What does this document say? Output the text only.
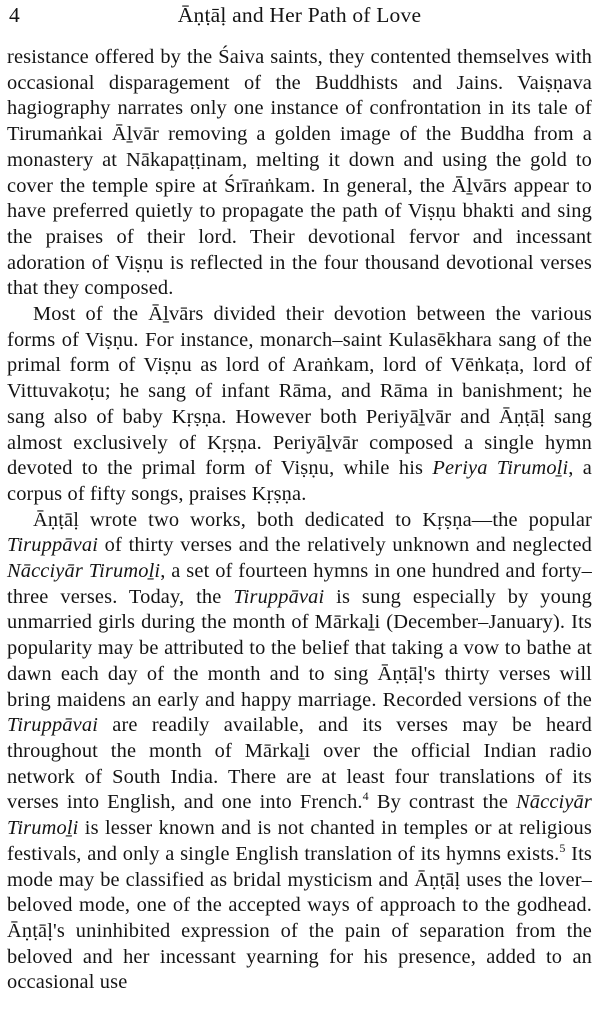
4	Āṇṭāḷ and Her Path of Love

resistance offered by the Śaiva saints, they contented themselves with occasional disparagement of the Buddhists and Jains. Vaiṣṇava hagiography narrates only one instance of confrontation in its tale of Tirumaṅkai Āḻvār removing a golden image of the Buddha from a monastery at Nākapaṭṭinam, melting it down and using the gold to cover the temple spire at Śrīraṅkam. In general, the Āḻvārs appear to have preferred quietly to propagate the path of Viṣṇu bhakti and sing the praises of their lord. Their devotional fervor and incessant adoration of Viṣṇu is reflected in the four thousand devotional verses that they composed.

Most of the Āḻvārs divided their devotion between the various forms of Viṣṇu. For instance, monarch–saint Kulasēkhara sang of the primal form of Viṣṇu as lord of Araṅkam, lord of Vēṅkaṭa, lord of Vittuvakoṭu; he sang of infant Rāma, and Rāma in banishment; he sang also of baby Kṛṣṇa. However both Periyāḻvār and Āṇṭāḷ sang almost exclusively of Kṛṣṇa. Periyāḻvār composed a single hymn devoted to the primal form of Viṣṇu, while his Periya Tirumoḻi, a corpus of fifty songs, praises Kṛṣṇa.

Āṇṭāḷ wrote two works, both dedicated to Kṛṣṇa—the popular Tiruppāvai of thirty verses and the relatively unknown and neglected Nācciyār Tirumoḻi, a set of fourteen hymns in one hundred and forty–three verses. Today, the Tiruppāvai is sung especially by young unmarried girls during the month of Mārkaḻi (December–January). Its popularity may be attributed to the belief that taking a vow to bathe at dawn each day of the month and to sing Āṇṭāḷ's thirty verses will bring maidens an early and happy marriage. Recorded versions of the Tiruppāvai are readily available, and its verses may be heard throughout the month of Mārkaḻi over the official Indian radio network of South India. There are at least four translations of its verses into English, and one into French.$^4$ By contrast the Nācciyār Tirumoḻi is lesser known and is not chanted in temples or at religious festivals, and only a single English translation of its hymns exists.$^5$ Its mode may be classified as bridal mysticism and Āṇṭāḷ uses the lover–beloved mode, one of the accepted ways of approach to the godhead. Āṇṭāḷ's uninhibited expression of the pain of separation from the beloved and her incessant yearning for his presence, added to an occasional use
